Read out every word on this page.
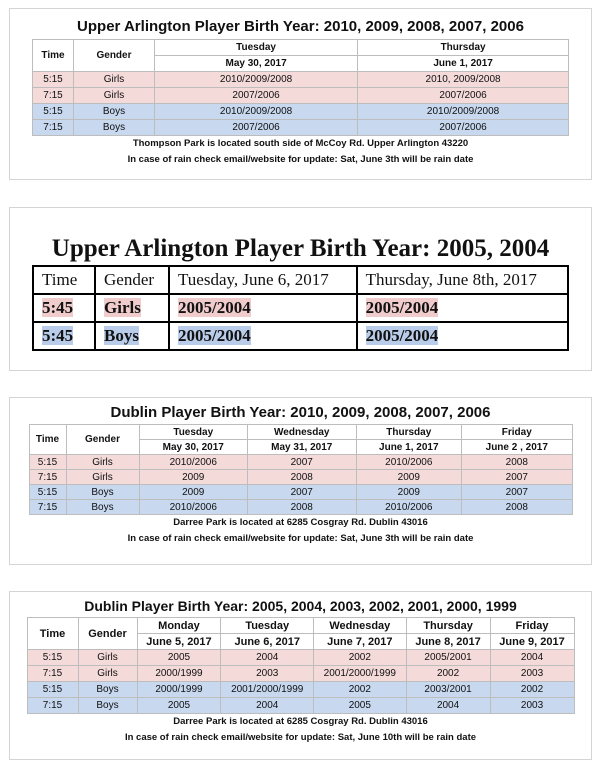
Upper Arlington Player Birth Year: 2010, 2009, 2008, 2007, 2006
Time	Gender	Tuesday	Thursday
		May 30, 2017	June 1, 2017
5:15	Girls	2010/2009/2008	2010, 2009/2008
7:15	Girls	2007/2006	2007/2006
5:15	Boys	2010/2009/2008	2010/2009/2008
7:15	Boys	2007/2006	2007/2006
Thompson Park is located south side of McCoy Rd. Upper Arlington 43220
In case of rain check email/website for update: Sat, June 3th will be rain date
Upper Arlington Player Birth Year: 2005, 2004
Time	Gender	Tuesday, June 6, 2017	Thursday, June 8th, 2017
5:45	Girls	2005/2004	2005/2004
5:45	Boys	2005/2004	2005/2004
Dublin Player Birth Year: 2010, 2009, 2008, 2007, 2006
Time	Gender	Tuesday	Wednesday	Thursday	Friday
		May 30, 2017	May 31, 2017	June 1, 2017	June 2 , 2017
5:15	Girls	2010/2006	2007	2010/2006	2008
7:15	Girls	2009	2008	2009	2007
5:15	Boys	2009	2007	2009	2007
7:15	Boys	2010/2006	2008	2010/2006	2008
Darree Park is located at 6285 Cosgray Rd. Dublin 43016
In case of rain check email/website for update: Sat, June 3th will be rain date
Dublin Player Birth Year: 2005, 2004, 2003, 2002, 2001, 2000, 1999
Time	Gender	Monday	Tuesday	Wednesday	Thursday	Friday
		June 5, 2017	June 6, 2017	June 7, 2017	June 8, 2017	June 9, 2017
5:15	Girls	2005	2004	2002	2005/2001	2004
7:15	Girls	2000/1999	2003	2001/2000/1999	2002	2003
5:15	Boys	2000/1999	2001/2000/1999	2002	2003/2001	2002
7:15	Boys	2005	2004	2005	2004	2003
Darree Park is located at 6285 Cosgray Rd. Dublin 43016
In case of rain check email/website for update: Sat, June 10th will be rain date
